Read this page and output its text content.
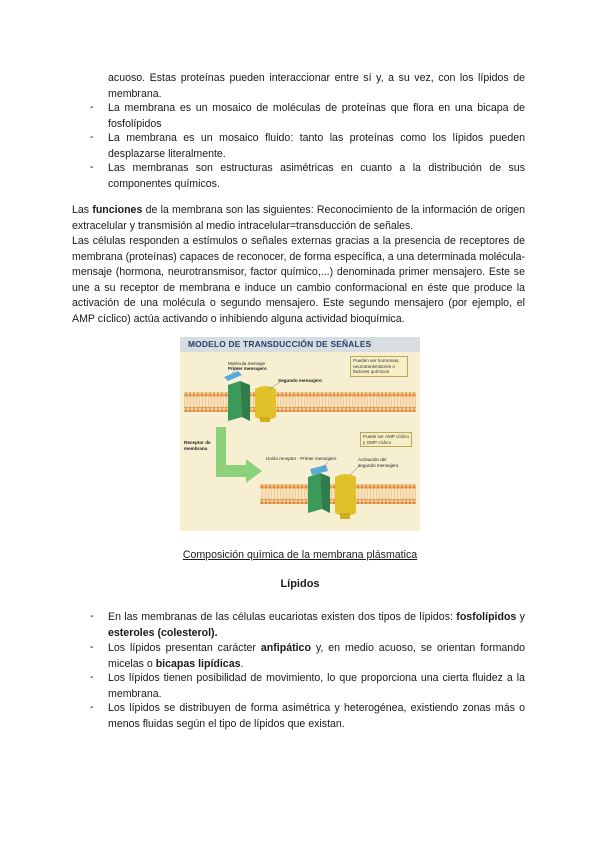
acuoso. Estas proteínas pueden interaccionar entre sí y, a su vez, con los lípidos de membrana.

-	La membrana es un mosaico de moléculas de proteínas que flora en una bicapa de fosfolípidos

-	La membrana es un mosaico fluido: tanto las proteínas como los lípidos pueden desplazarse literalmente.

-	Las membranas son estructuras asimétricas en cuanto a la distribución de sus componentes químicos.

Las funciones de la membrana son las siguientes: Reconocimiento de la información de origen extracelular y transmisión al medio intracelular=transducción de señales.

Las células responden a estímulos o señales externas gracias a la presencia de receptores de membrana (proteínas) capaces de reconocer, de forma específica, a una determinada molécula-mensaje (hormona, neurotransmisor, factor químico,...) denominada primer mensajero. Este se une a su receptor de membrana e induce un cambio conformacional en éste que produce la activación de una molécula o segundo mensajero. Este segundo mensajero (por ejemplo, el AMP cíclico) actúa activando o inhibiendo alguna actividad bioquímica.

MODELO DE TRANSDUCCIÓN DE SEÑALES
Molécula mensaje
Primer mensajero
Segundo mensajero
Pueden ser hormonas, neurotransmisores o factores químicos
Puede ser AMP cíclico y GMP cíclico
Receptor de membrana
Unión receptor - Primer mensajero	Activación del segundo mensajero
Composición química de la membrana plásmatica
Lípidos
-	En las membranas de las células eucariotas existen dos tipos de lípidos: fosfolípidos y esteroles (colesterol).

-	Los lípidos presentan carácter anfipático y, en medio acuoso, se orientan formando micelas o bicapas lipídicas.

-	Los lípidos tienen posibilidad de movimiento, lo que proporciona una cierta fluidez a la membrana.

-	Los lípidos se distribuyen de forma asimétrica y heterogénea, existiendo zonas más o menos fluidas según el tipo de lípidos que existan.
